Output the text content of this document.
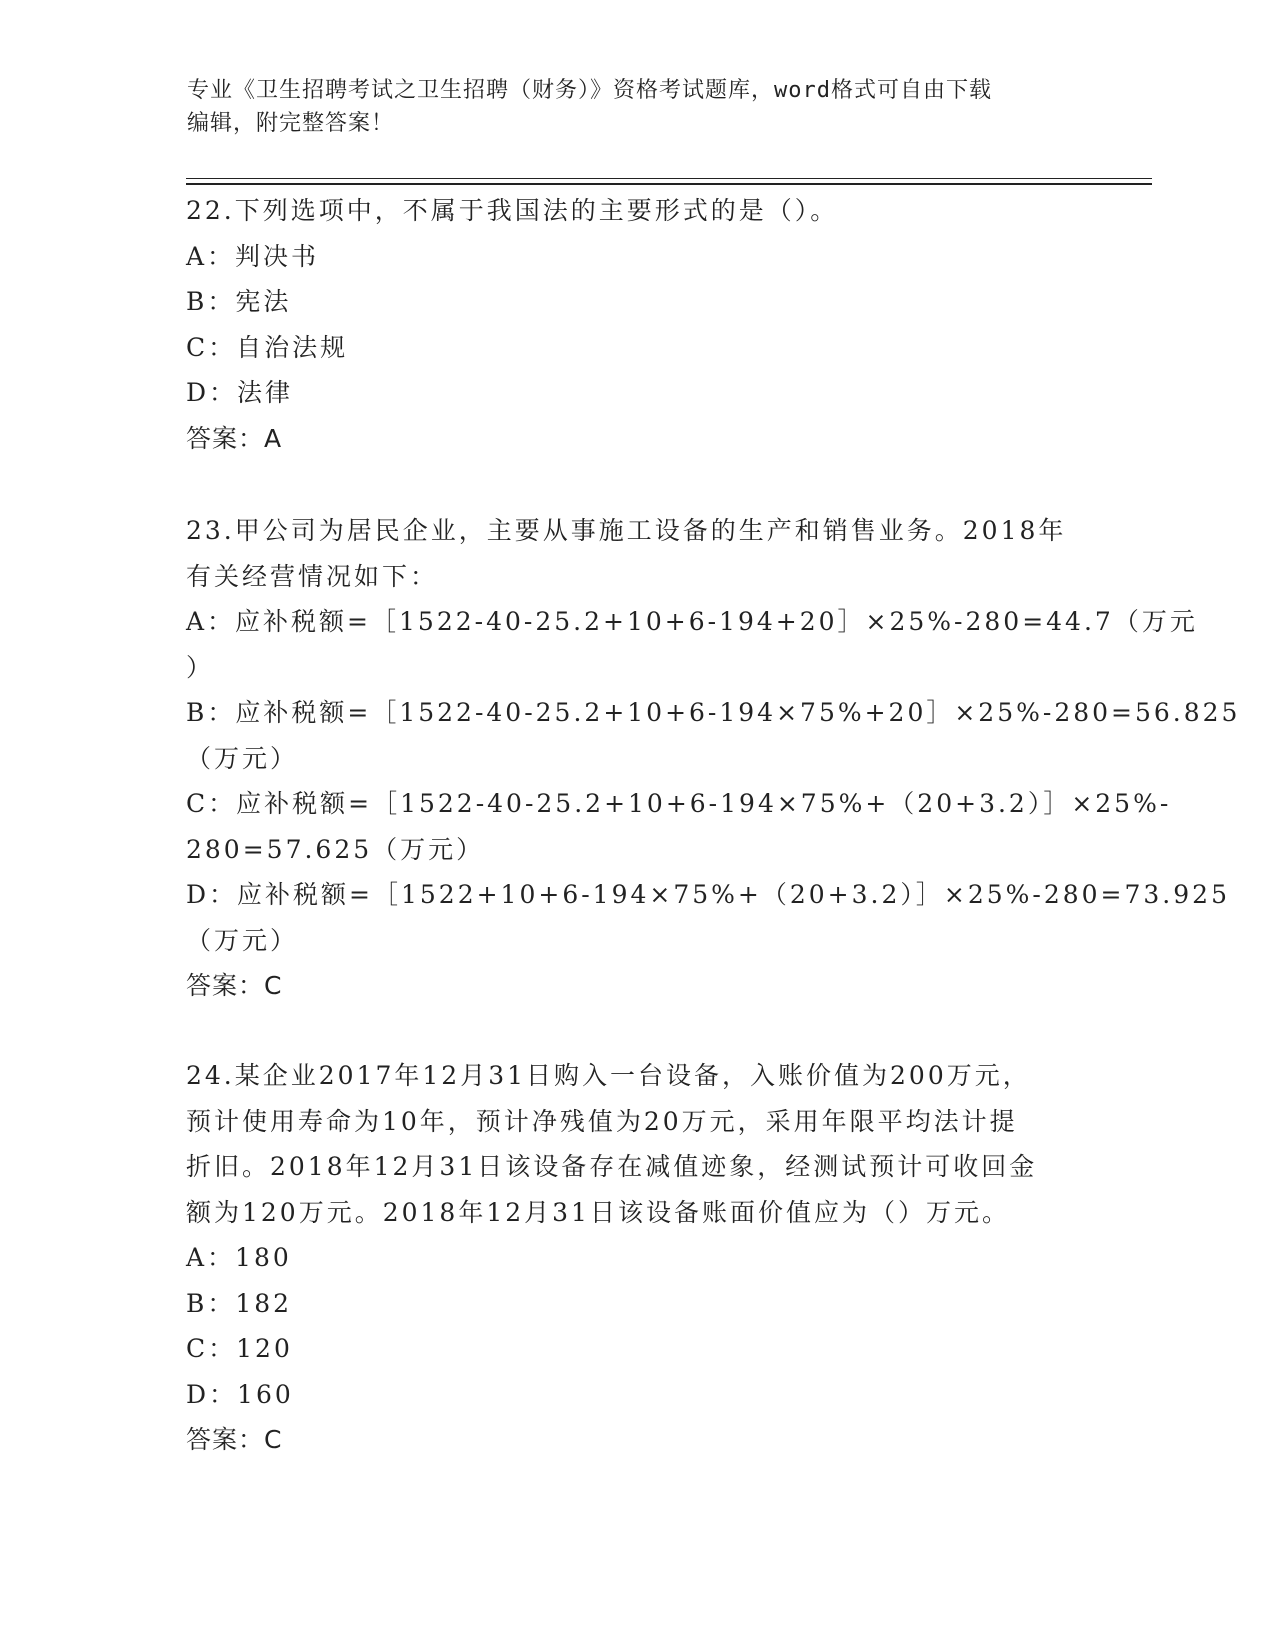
专业《卫生招聘考试之卫生招聘（财务）》资格考试题库，word格式可自由下载
编辑，附完整答案！
22.下列选项中，不属于我国法的主要形式的是（）。
A：判决书
B：宪法
C：自治法规
D：法律
答案：A
23.甲公司为居民企业，主要从事施工设备的生产和销售业务。2018年
有关经营情况如下：
A：应补税额=［1522-40-25.2+10+6-194+20］×25%-280=44.7（万元
）
B：应补税额=［1522-40-25.2+10+6-194×75%+20］×25%-280=56.825
（万元）
C：应补税额=［1522-40-25.2+10+6-194×75%+（20+3.2）］×25%-
280=57.625（万元）
D：应补税额=［1522+10+6-194×75%+（20+3.2）］×25%-280=73.925
（万元）
答案：C
24.某企业2017年12月31日购入一台设备，入账价值为200万元，
预计使用寿命为10年，预计净残值为20万元，采用年限平均法计提
折旧。2018年12月31日该设备存在减值迹象，经测试预计可收回金
额为120万元。2018年12月31日该设备账面价值应为（）万元。
A：180
B：182
C：120
D：160
答案：C
